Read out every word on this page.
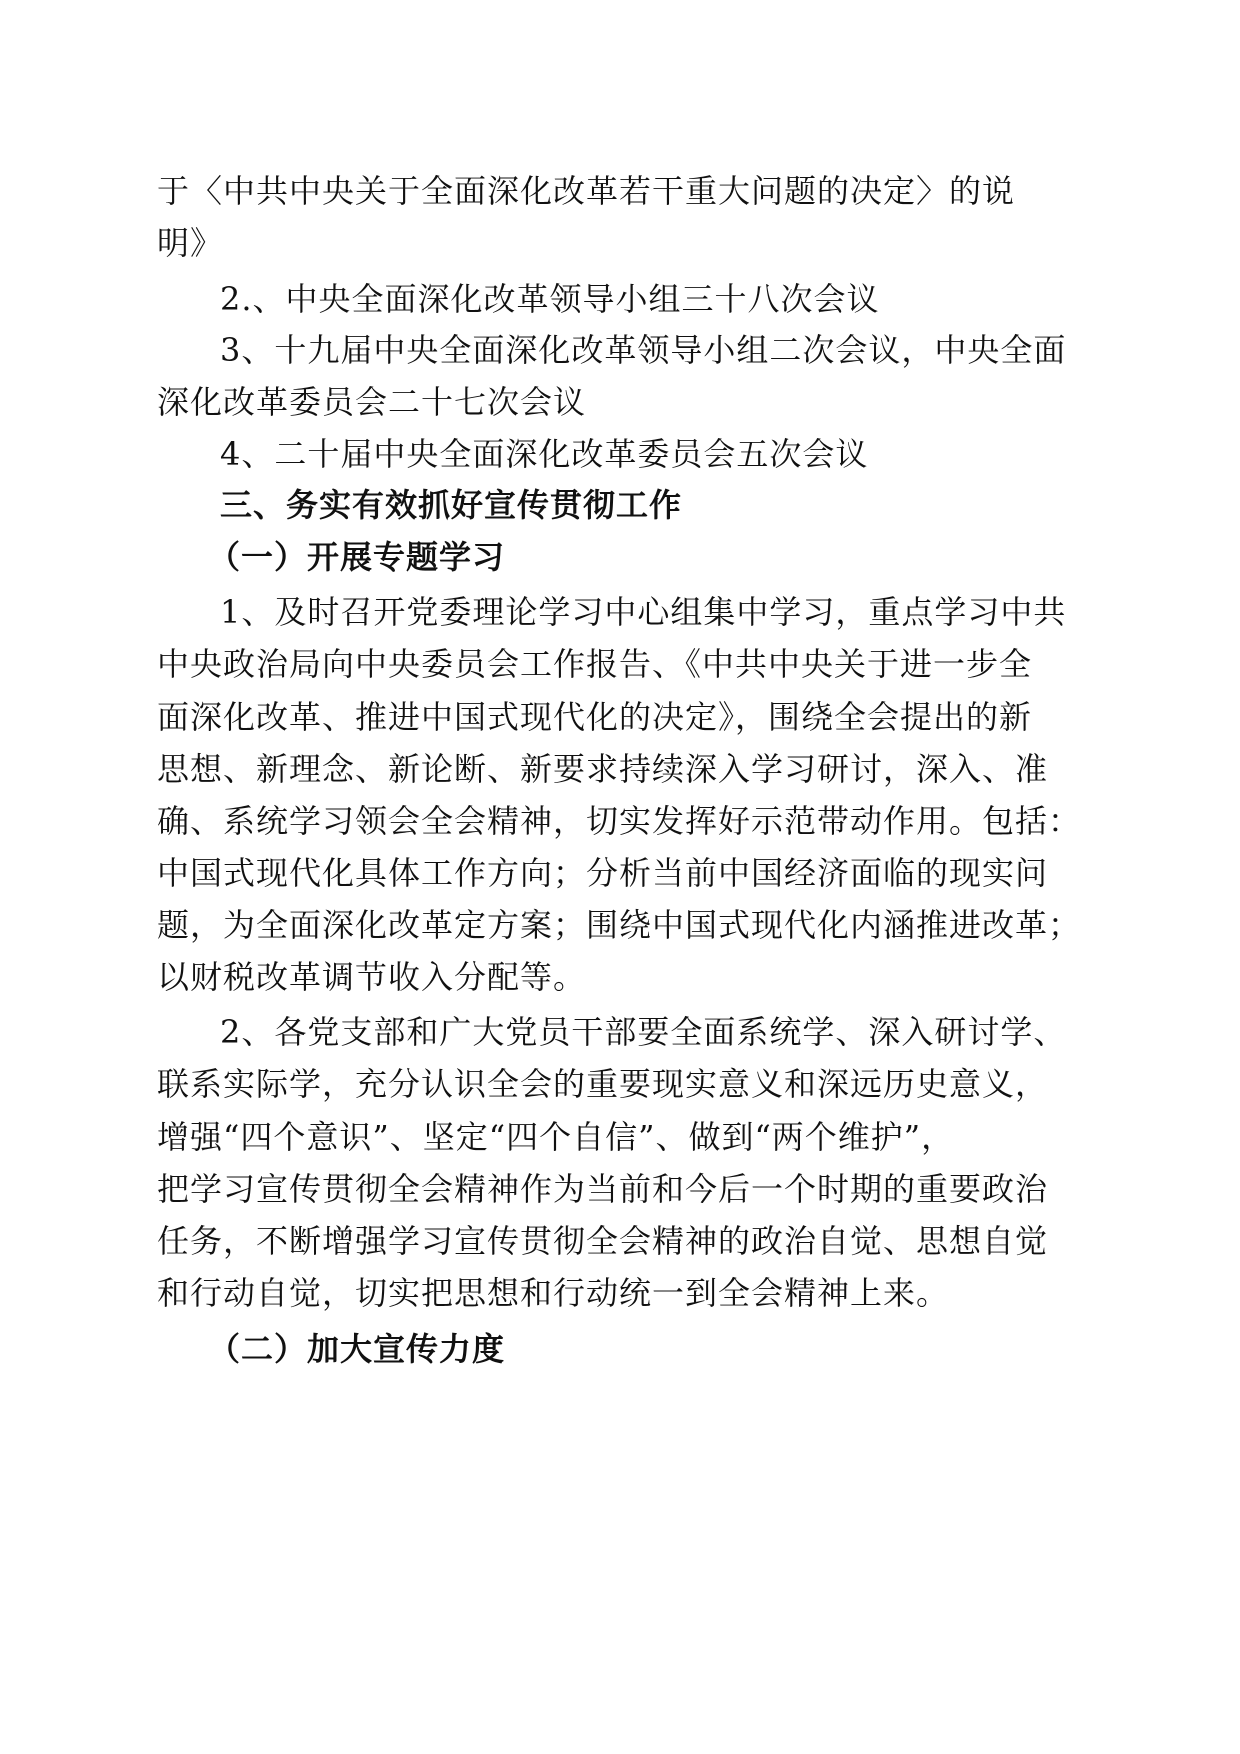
于〈中共中央关于全面深化改革若干重大问题的决定〉的说
明》
2.、中央全面深化改革领导小组三十八次会议
3、十九届中央全面深化改革领导小组二次会议，中央全面
深化改革委员会二十七次会议
4、二十届中央全面深化改革委员会五次会议
三、务实有效抓好宣传贯彻工作
（一）开展专题学习
1、及时召开党委理论学习中心组集中学习，重点学习中共
中央政治局向中央委员会工作报告、《中共中央关于进一步全
面深化改革、推进中国式现代化的决定》，围绕全会提出的新
思想、新理念、新论断、新要求持续深入学习研讨，深入、准
确、系统学习领会全会精神，切实发挥好示范带动作用。包括：
中国式现代化具体工作方向；分析当前中国经济面临的现实问
题，为全面深化改革定方案；围绕中国式现代化内涵推进改革；
以财税改革调节收入分配等。
2、各党支部和广大党员干部要全面系统学、深入研讨学、
联系实际学，充分认识全会的重要现实意义和深远历史意义，
增强“四个意识”、坚定“四个自信”、做到“两个维护”，
把学习宣传贯彻全会精神作为当前和今后一个时期的重要政治
任务，不断增强学习宣传贯彻全会精神的政治自觉、思想自觉
和行动自觉，切实把思想和行动统一到全会精神上来。
（二）加大宣传力度
